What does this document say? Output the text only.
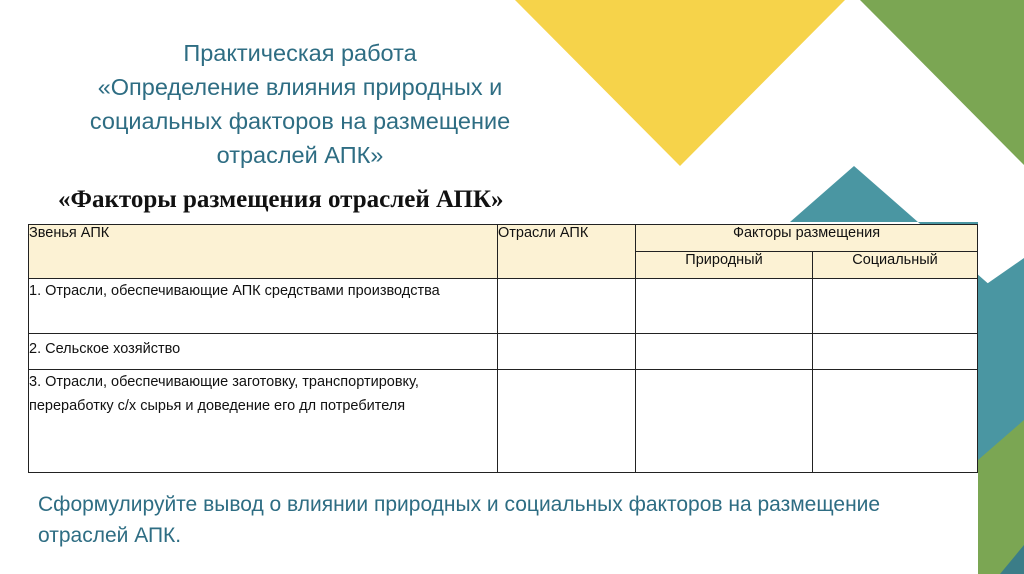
Практическая работа
«Определение влияния природных и
социальных факторов на размещение
отраслей АПК»
«Факторы размещения отраслей АПК»
Звенья АПК	Отрасли АПК	Факторы размещения	
		Природный	Социальный
1. Отрасли, обеспечивающие АПК средствами производства			
2. Сельское хозяйство			
3. Отрасли, обеспечивающие заготовку, транспортировку, переработку с/х сырья и доведение его дл потребителя			
Сформулируйте вывод о влиянии природных и социальных факторов на размещение отраслей АПК.
